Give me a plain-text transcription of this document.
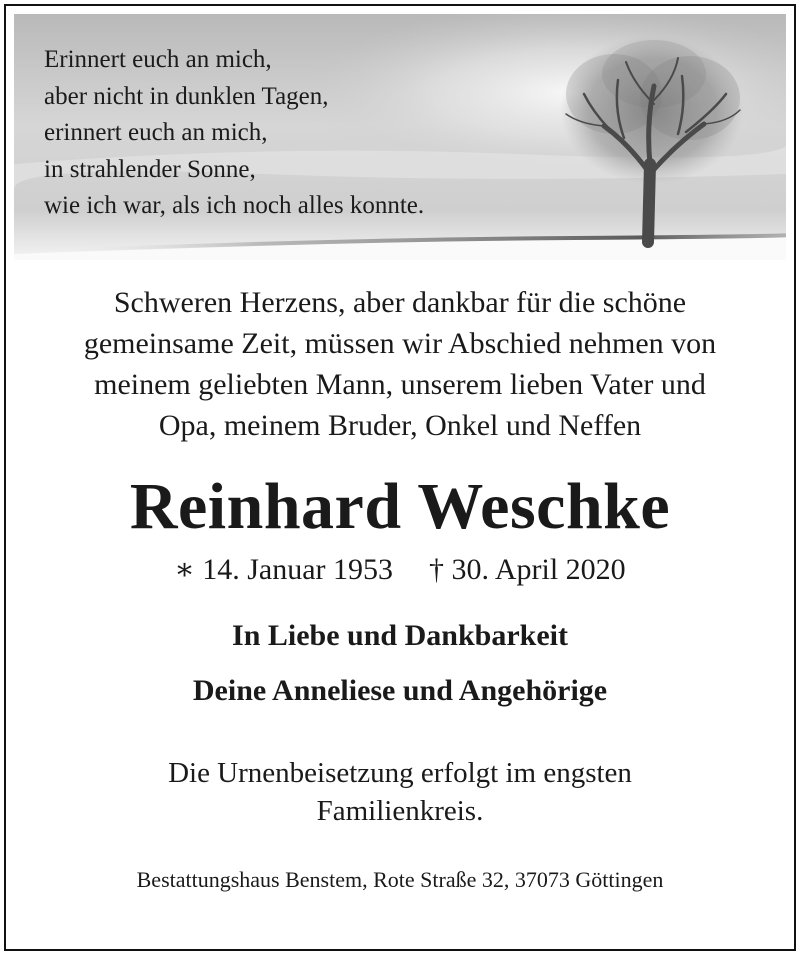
Erinnert euch an mich,
aber nicht in dunklen Tagen,
erinnert euch an mich,
in strahlender Sonne,
wie ich war, als ich noch alles konnte.
Schweren Herzens, aber dankbar für die schöne
gemeinsame Zeit, müssen wir Abschied nehmen von
meinem geliebten Mann, unserem lieben Vater und
Opa, meinem Bruder, Onkel und Neffen
Reinhard Weschke
∗ 14. Januar 1953 † 30. April 2020
In Liebe und Dankbarkeit
Deine Anneliese und Angehörige
Die Urnenbeisetzung erfolgt im engsten
Familienkreis.
Bestattungshaus Benstem, Rote Straße 32, 37073 Göttingen
